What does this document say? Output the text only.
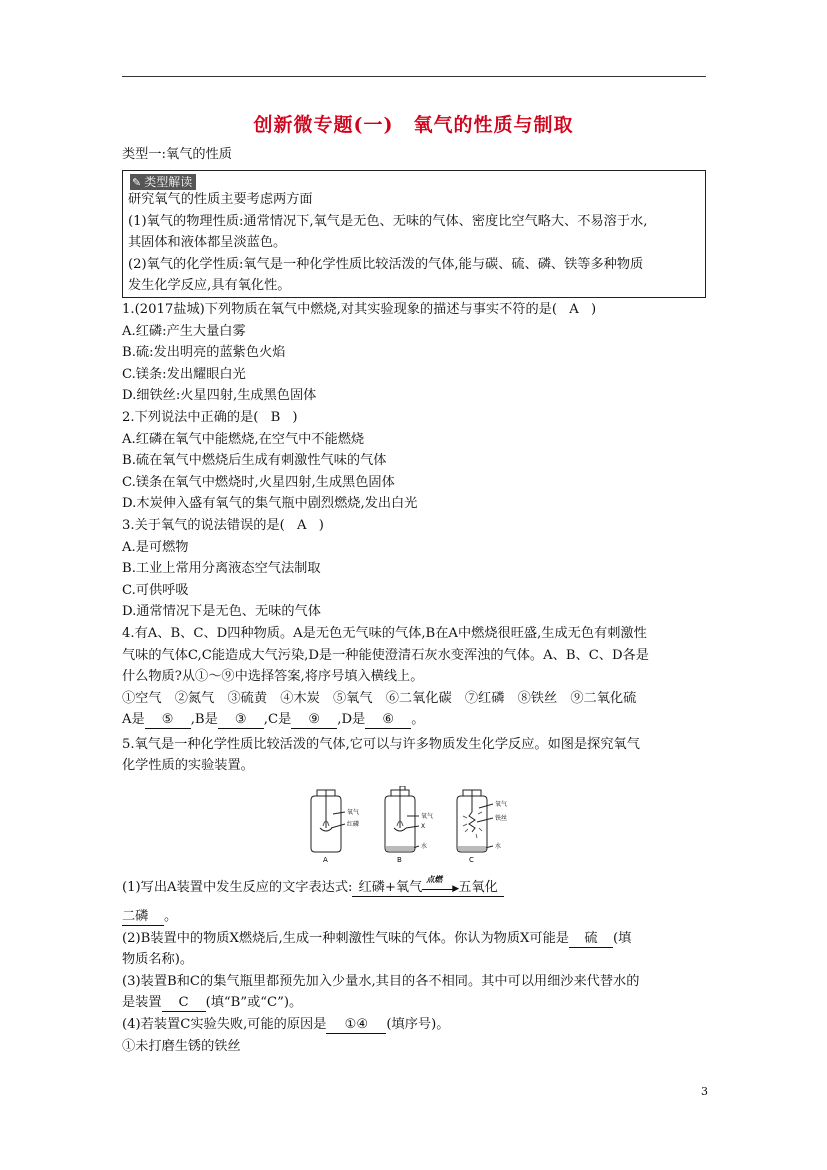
创新微专题(一)　氧气的性质与制取
类型一:氧气的性质
✎ 类型解读
研究氧气的性质主要考虑两方面
(1)氧气的物理性质:通常情况下,氧气是无色、无味的气体、密度比空气略大、不易溶于水,
其固体和液体都呈淡蓝色。
(2)氧气的化学性质:氧气是一种化学性质比较活泼的气体,能与碳、硫、磷、铁等多种物质
发生化学反应,具有氧化性。
1.(2017盐城)下列物质在氧气中燃烧,对其实验现象的描述与事实不符的是( A )
A.红磷:产生大量白雾
B.硫:发出明亮的蓝紫色火焰
C.镁条:发出耀眼白光
D.细铁丝:火星四射,生成黑色固体
2.下列说法中正确的是( B )
A.红磷在氧气中能燃烧,在空气中不能燃烧
B.硫在氧气中燃烧后生成有刺激性气味的气体
C.镁条在氧气中燃烧时,火星四射,生成黑色固体
D.木炭伸入盛有氧气的集气瓶中剧烈燃烧,发出白光
3.关于氧气的说法错误的是( A )
A.是可燃物
B.工业上常用分离液态空气法制取
C.可供呼吸
D.通常情况下是无色、无味的气体
4.有A、B、C、D四种物质。A是无色无气味的气体,B在A中燃烧很旺盛,生成无色有刺激性
气味的气体C,C能造成大气污染,D是一种能使澄清石灰水变浑浊的气体。A、B、C、D各是
什么物质?从①～⑨中选择答案,将序号填入横线上。
①空气　②氮气　③硫黄　④木炭　⑤氧气　⑥二氧化碳　⑦红磷　⑧铁丝　⑨二氧化硫
A是 ⑤ ,B是 ③ ,C是 ⑨ ,D是 ⑥ 。
5.氧气是一种化学性质比较活泼的气体,它可以与许多物质发生化学反应。如图是探究氧气
化学性质的实验装置。
氧气
红磷
A
氧气
X
水
B
氧气
铁丝
水
C
(1)写出A装置中发生反应的文字表达式: 红磷+氧气
点燃
▶ 五氧化
二磷 。
(2)B装置中的物质X燃烧后,生成一种刺激性气味的气体。你认为物质X可能是 硫 (填
物质名称)。
(3)装置B和C的集气瓶里都预先加入少量水,其目的各不相同。其中可以用细沙来代替水的
是装置 C (填“B”或“C”)。
(4)若装置C实验失败,可能的原因是 ①④ (填序号)。
①未打磨生锈的铁丝
3
